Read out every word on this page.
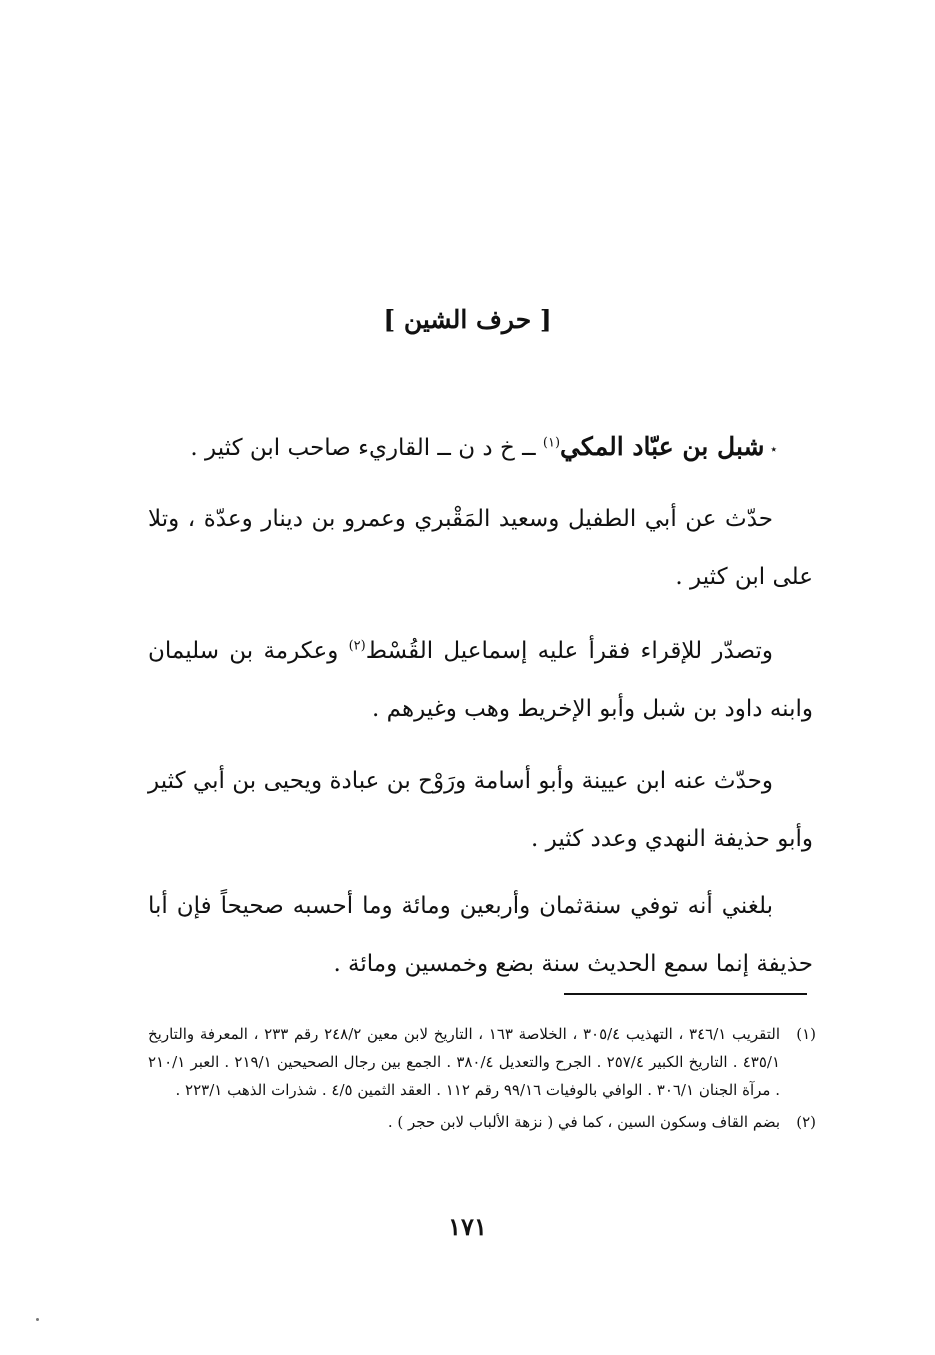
[ حرف الشين ]
٭شبل بن عبّاد المكي$^{(١)}$ ــ خ د ن ــ القاريء صاحب ابن كثير .
حدّث عن أبي الطفيل وسعيد المَقْبري وعمرو بن دينار وعدّة ، وتلا على ابن كثير .
وتصدّر للإقراء فقرأ عليه إسماعيل القُسْط$^{(٢)}$ وعكرمة بن سليمان وابنه داود بن شبل وأبو الإخريط وهب وغيرهم .
وحدّث عنه ابن عيينة وأبو أسامة ورَوْح بن عبادة ويحيى بن أبي كثير وأبو حذيفة النهدي وعدد كثير .
بلغني أنه توفي سنةثمان وأربعين ومائة وما أحسبه صحيحاً فإن أبا حذيفة إنما سمع الحديث سنة بضع وخمسين ومائة .
(١)
التقريب ٣٤٦/١ ، التهذيب ٣٠٥/٤ ، الخلاصة ١٦٣ ، التاريخ لابن معين ٢٤٨/٢ رقم ٢٣٣ ، المعرفة والتاريخ ٤٣٥/١ . التاريخ الكبير ٢٥٧/٤ . الجرح والتعديل ٣٨٠/٤ . الجمع بين رجال الصحيحين ٢١٩/١ . العبر ٢١٠/١ . مرآة الجنان ٣٠٦/١ . الوافي بالوفيات ٩٩/١٦ رقم ١١٢ . العقد الثمين ٤/٥ . شذرات الذهب ٢٢٣/١ .
(٢)
بضم القاف وسكون السين ، كما في ( نزهة الألباب لابن حجر ) .
١٧١
